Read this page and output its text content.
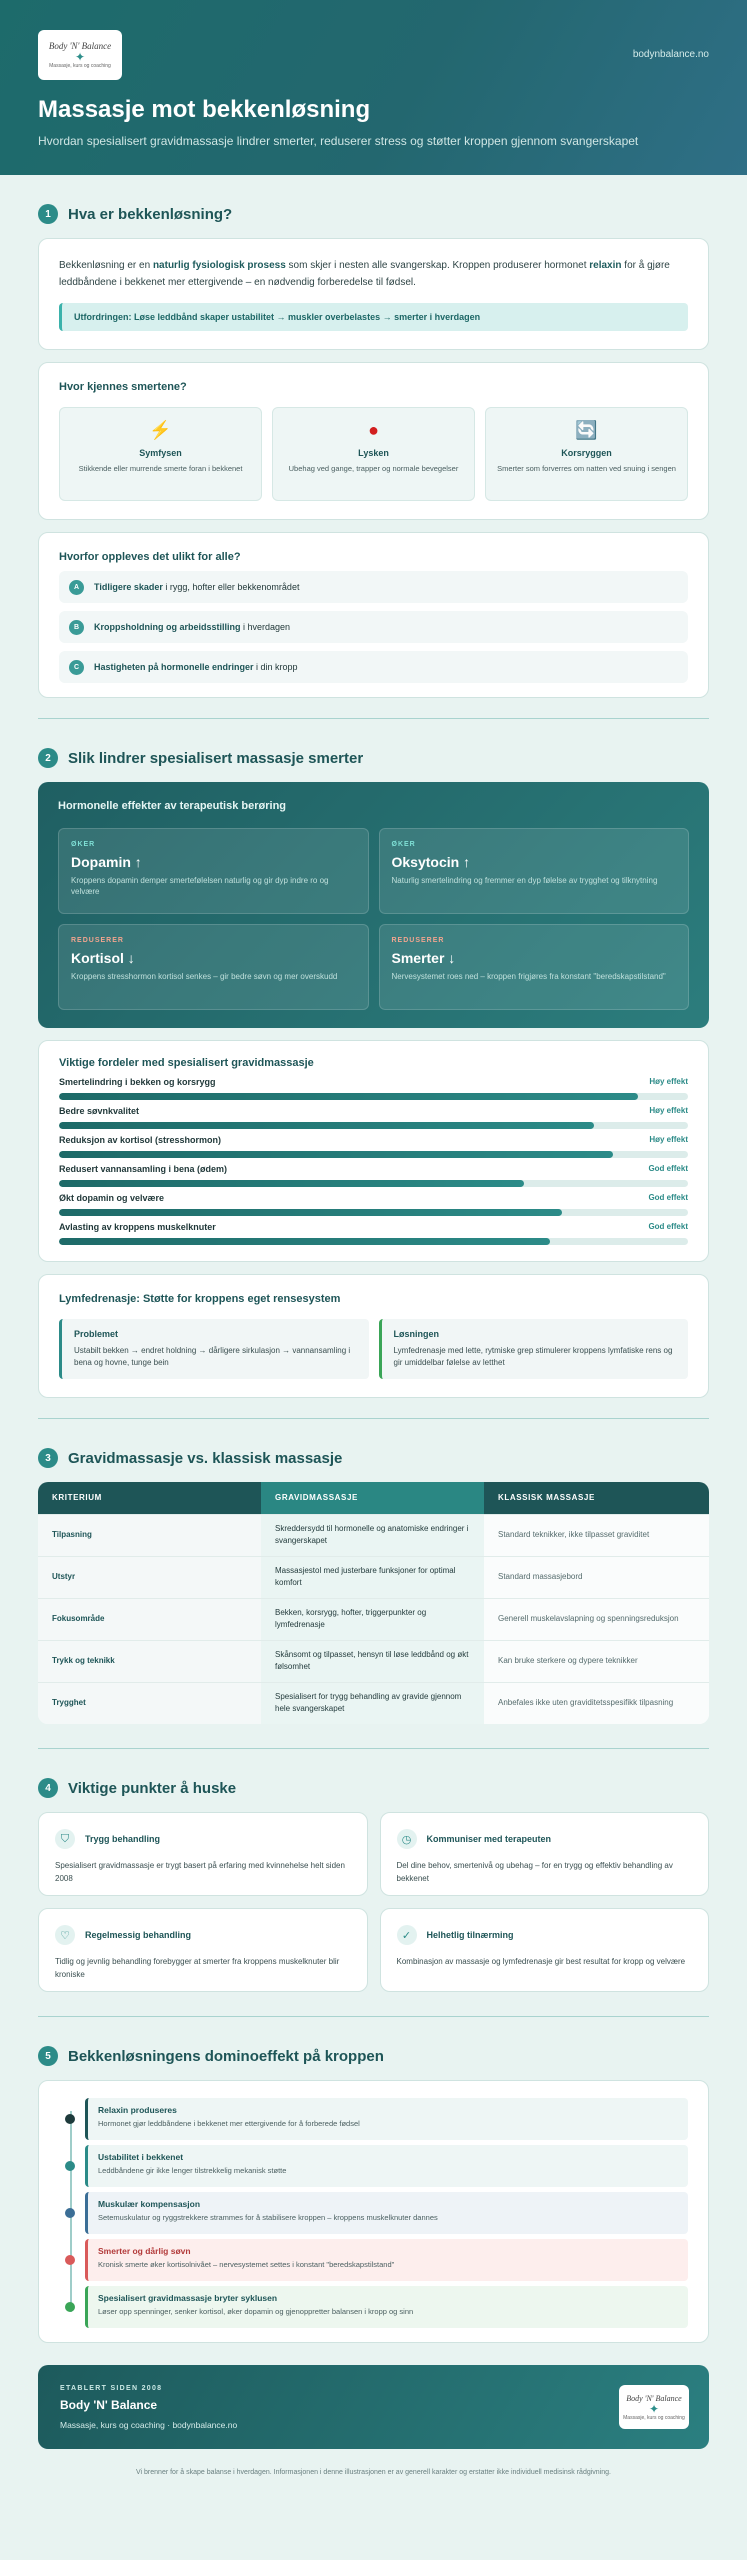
Body 'N' Balance
✦
Massasje, kurs og coaching
bodynbalance.no
Massasje mot bekkenløsning
Hvordan spesialisert gravidmassasje lindrer smerter, reduserer stress og støtter kroppen gjennom svangerskapet
1	Hva er bekkenløsning?
Bekkenløsning er en naturlig fysiologisk prosess som skjer i nesten alle svangerskap. Kroppen produserer hormonet relaxin for å gjøre leddbåndene i bekkenet mer ettergivende – en nødvendig forberedelse til fødsel.
Utfordringen: Løse leddbånd skaper ustabilitet → muskler overbelastes → smerter i hverdagen
Hvor kjennes smertene?
⚡
Symfysen
Stikkende eller murrende smerte foran i bekkenet
●
Lysken
Ubehag ved gange, trapper og normale bevegelser
🔄
Korsryggen
Smerter som forverres om natten ved snuing i sengen
Hvorfor oppleves det ulikt for alle?
A	Tidligere skader i rygg, hofter eller bekkenområdet
B	Kroppsholdning og arbeidsstilling i hverdagen
C	Hastigheten på hormonelle endringer i din kropp
2	Slik lindrer spesialisert massasje smerter
Hormonelle effekter av terapeutisk berøring
ØKER
Dopamin ↑
Kroppens dopamin demper smertefølelsen naturlig og gir dyp indre ro og velvære
ØKER
Oksytocin ↑
Naturlig smertelindring og fremmer en dyp følelse av trygghet og tilknytning
REDUSERER
Kortisol ↓
Kroppens stresshormon kortisol senkes – gir bedre søvn og mer overskudd
REDUSERER
Smerter ↓
Nervesystemet roes ned – kroppen frigjøres fra konstant "beredskapstilstand"
Viktige fordeler med spesialisert gravidmassasje
Smertelindring i bekken og korsrygg	Høy effekt
Bedre søvnkvalitet	Høy effekt
Reduksjon av kortisol (stresshormon)	Høy effekt
Redusert vannansamling i bena (ødem)	God effekt
Økt dopamin og velvære	God effekt
Avlasting av kroppens muskelknuter	God effekt
Lymfedrenasje: Støtte for kroppens eget rensesystem
Problemet
Ustabilt bekken → endret holdning → dårligere sirkulasjon → vannansamling i bena og hovne, tunge bein
Løsningen
Lymfedrenasje med lette, rytmiske grep stimulerer kroppens lymfatiske rens og gir umiddelbar følelse av letthet
3	Gravidmassasje vs. klassisk massasje
KRITERIUM	GRAVIDMASSASJE	KLASSISK MASSASJE
Tilpasning	Skreddersydd til hormonelle og anatomiske endringer i svangerskapet	Standard teknikker, ikke tilpasset graviditet
Utstyr	Massasjestol med justerbare funksjoner for optimal komfort	Standard massasjebord
Fokusområde	Bekken, korsrygg, hofter, triggerpunkter og lymfedrenasje	Generell muskelavslapning og spenningsreduksjon
Trykk og teknikk	Skånsomt og tilpasset, hensyn til løse leddbånd og økt følsomhet	Kan bruke sterkere og dypere teknikker
Trygghet	Spesialisert for trygg behandling av gravide gjennom hele svangerskapet	Anbefales ikke uten graviditetsspesifikk tilpasning
4	Viktige punkter å huske
⛉	Trygg behandling
Spesialisert gravidmassasje er trygt basert på erfaring med kvinnehelse helt siden 2008
◷	Kommuniser med terapeuten
Del dine behov, smertenivå og ubehag – for en trygg og effektiv behandling av bekkenet
♡	Regelmessig behandling
Tidlig og jevnlig behandling forebygger at smerter fra kroppens muskelknuter blir kroniske
✓	Helhetlig tilnærming
Kombinasjon av massasje og lymfedrenasje gir best resultat for kropp og velvære
5	Bekkenløsningens dominoeffekt på kroppen
Relaxin produseres
Hormonet gjør leddbåndene i bekkenet mer ettergivende for å forberede fødsel
Ustabilitet i bekkenet
Leddbåndene gir ikke lenger tilstrekkelig mekanisk støtte
Muskulær kompensasjon
Setemuskulatur og ryggstrekkere strammes for å stabilisere kroppen – kroppens muskelknuter dannes
Smerter og dårlig søvn
Kronisk smerte øker kortisolnivået – nervesystemet settes i konstant "beredskapstilstand"
Spesialisert gravidmassasje bryter syklusen
Løser opp spenninger, senker kortisol, øker dopamin og gjenoppretter balansen i kropp og sinn
ETABLERT SIDEN 2008
Body 'N' Balance
Massasje, kurs og coaching · bodynbalance.no
Body 'N' Balance
✦
Massasje, kurs og coaching
Vi brenner for å skape balanse i hverdagen. Informasjonen i denne illustrasjonen er av generell karakter og erstatter ikke individuell medisinsk rådgivning.
